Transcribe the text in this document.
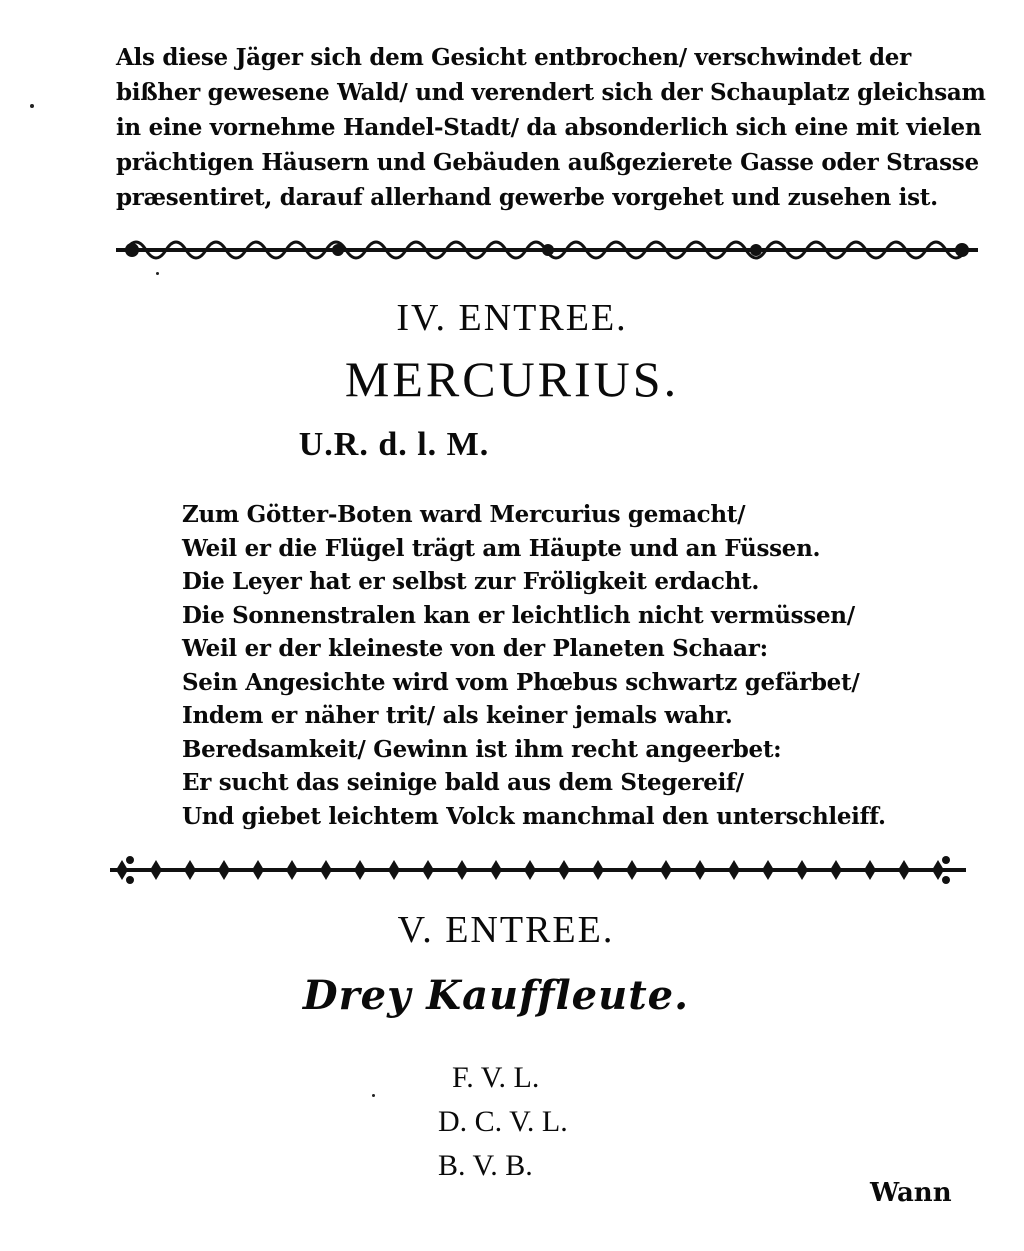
Als diese Jäger sich dem Gesicht entbrochen/ verschwindet der
bißher gewesene Wald/ und verendert sich der Schauplatz gleichsam
in eine vornehme Handel-Stadt/ da absonderlich sich eine mit vielen
prächtigen Häusern und Gebäuden außgezierete Gasse oder Strasse
præsentiret, darauf allerhand gewerbe vorgehet und zusehen ist.
IV. ENTREE.
MERCURIUS.
U.R. d. l. M.
Zum Götter-Boten ward Mercurius gemacht/
Weil er die Flügel trägt am Häupte und an Füssen.
Die Leyer hat er selbst zur Fröligkeit erdacht.
Die Sonnenstralen kan er leichtlich nicht vermüssen/
Weil er der kleineste von der Planeten Schaar:
Sein Angesichte wird vom Phœbus schwartz gefärbet/
Indem er näher trit/ als keiner jemals wahr.
Beredsamkeit/ Gewinn ist ihm recht angeerbet:
Er sucht das seinige bald aus dem Stegereif/
Und giebet leichtem Volck manchmal den unterschleiff.
V. ENTREE.
Drey Kauffleute.
F. V. L.
D. C. V. L.
B. V. B.
Wann
